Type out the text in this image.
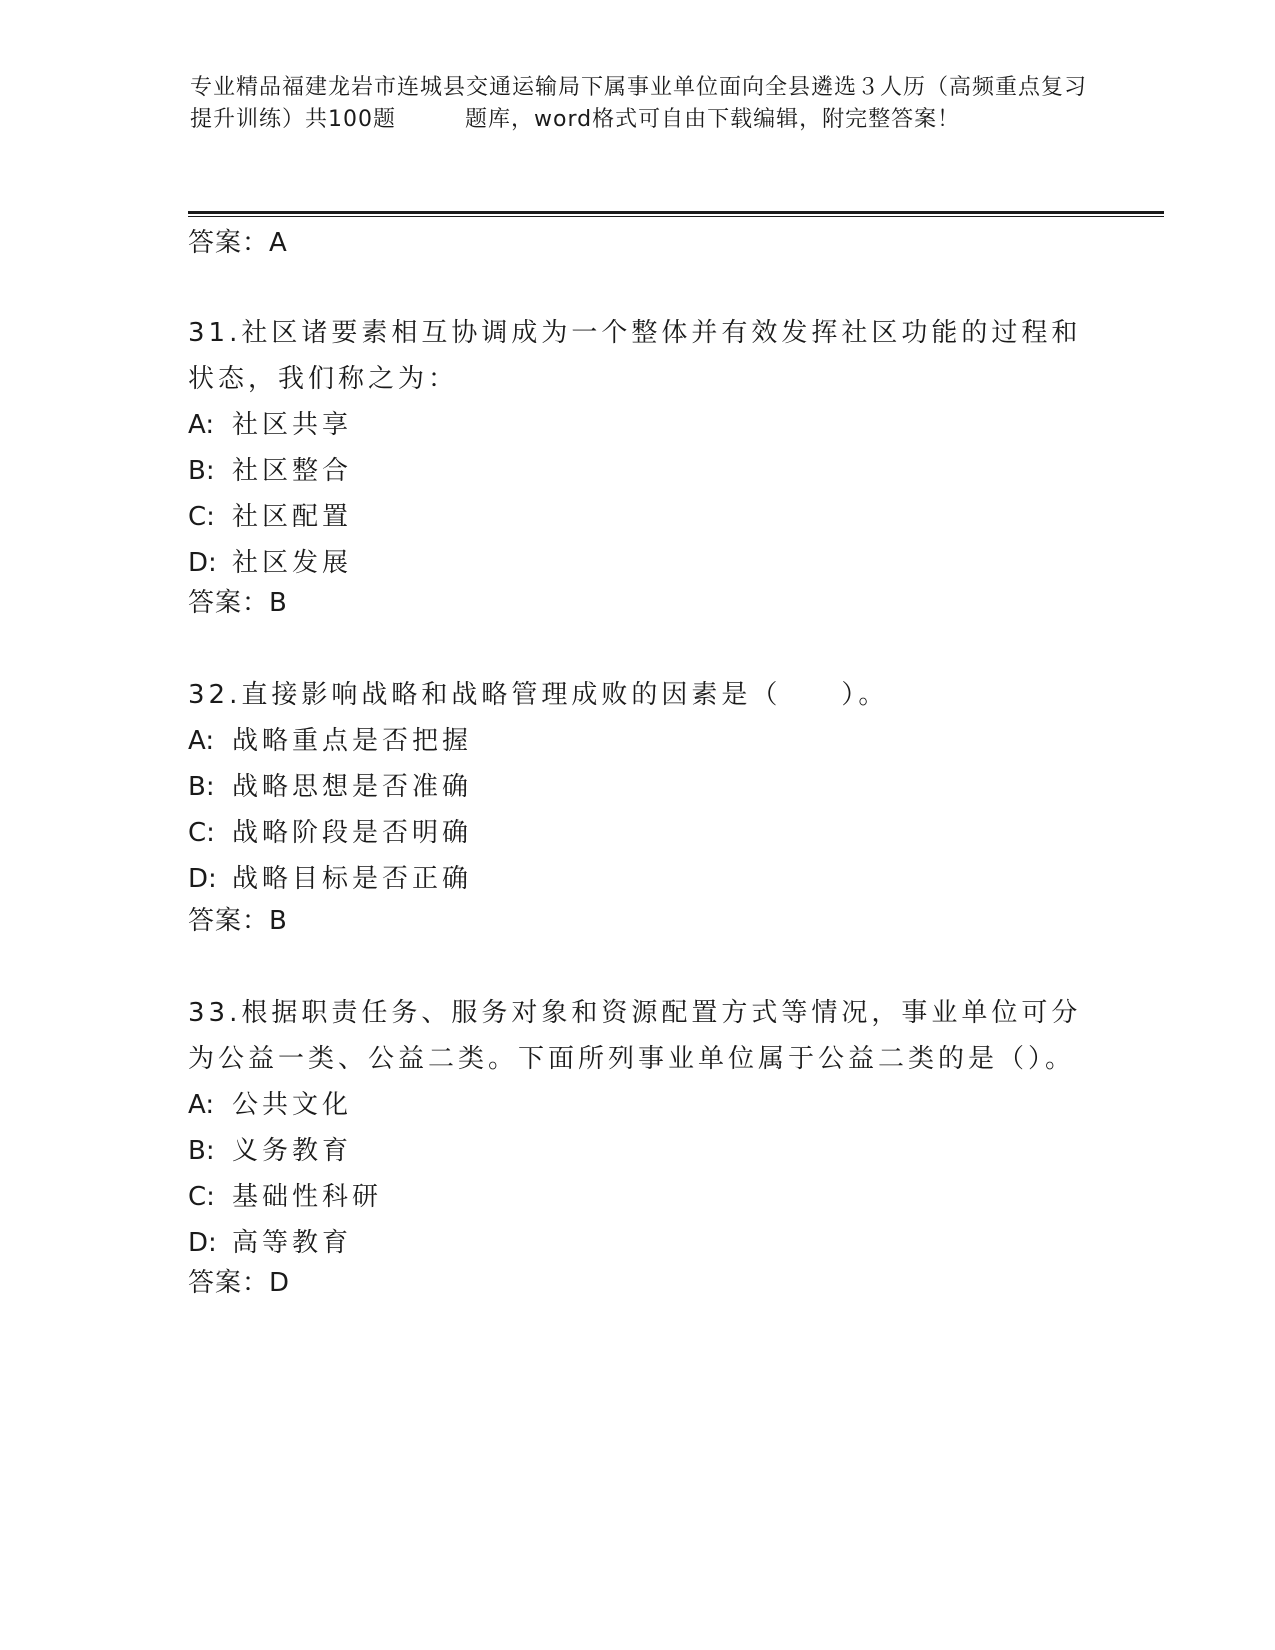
专业精品福建龙岩市连城县交通运输局下属事业单位面向全县遴选３人历（高频重点复习提升训练）共100题　　　题库，word格式可自由下载编辑，附完整答案！
答案：A
31.社区诸要素相互协调成为一个整体并有效发挥社区功能的过程和状态，我们称之为：
A: 社区共享
B: 社区整合
C: 社区配置
D: 社区发展
答案：B
32.直接影响战略和战略管理成败的因素是（　　）。
A: 战略重点是否把握
B: 战略思想是否准确
C: 战略阶段是否明确
D: 战略目标是否正确
答案：B
33.根据职责任务、服务对象和资源配置方式等情况，事业单位可分为公益一类、公益二类。下面所列事业单位属于公益二类的是（）。
A: 公共文化
B: 义务教育
C: 基础性科研
D: 高等教育
答案：D
